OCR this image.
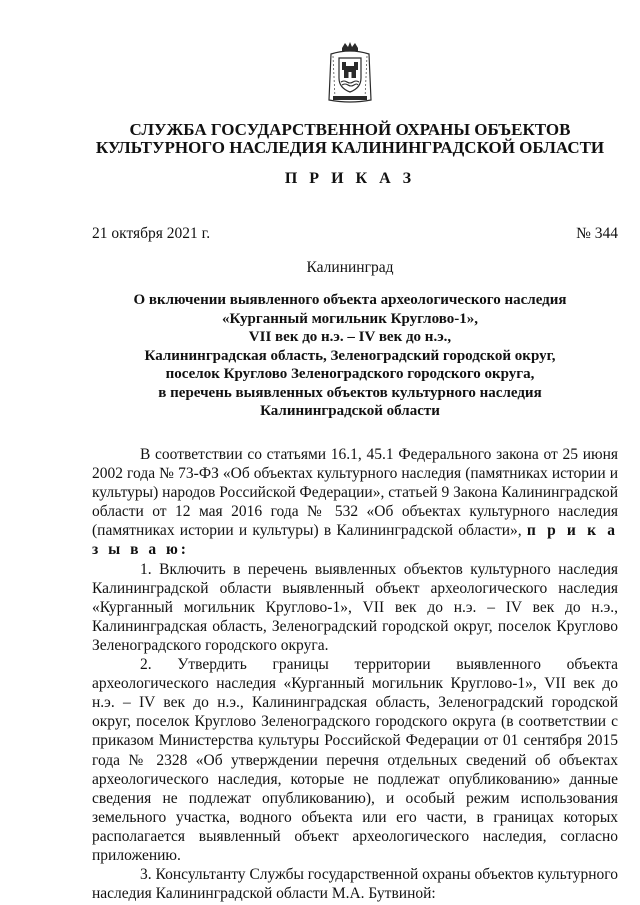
СЛУЖБА ГОСУДАРСТВЕННОЙ ОХРАНЫ ОБЪЕКТОВ
КУЛЬТУРНОГО НАСЛЕДИЯ КАЛИНИНГРАДСКОЙ ОБЛАСТИ
П Р И К А З
21 октября 2021 г.	№ 344
Калининград
О включении выявленного объекта археологического наследия
«Курганный могильник Круглово-1»,
VII век до н.э. – IV век до н.э.,
Калининградская область, Зеленоградский городской округ,
поселок Круглово Зеленоградского городского округа,
в перечень выявленных объектов культурного наследия
Калининградской области

В соответствии со статьями 16.1, 45.1 Федерального закона от 25 июня 2002 года № 73-ФЗ «Об объектах культурного наследия (памятниках истории и культуры) народов Российской Федерации», статьей 9 Закона Калининградской области от 12 мая 2016 года № 532 «Об объектах культурного наследия (памятниках истории и культуры) в Калининградской области», п р и к а з ы в а ю:

1. Включить в перечень выявленных объектов культурного наследия Калининградской области выявленный объект археологического наследия «Курганный могильник Круглово-1», VII век до н.э. – IV век до н.э., Калининградская область, Зеленоградский городской округ, поселок Круглово Зеленоградского городского округа.

2. Утвердить границы территории выявленного объекта археологического наследия «Курганный могильник Круглово-1», VII век до н.э. – IV век до н.э., Калининградская область, Зеленоградский городской округ, поселок Круглово Зеленоградского городского округа (в соответствии с приказом Министерства культуры Российской Федерации от 01 сентября 2015 года № 2328 «Об утверждении перечня отдельных сведений об объектах археологического наследия, которые не подлежат опубликованию» данные сведения не подлежат опубликованию), и особый режим использования земельного участка, водного объекта или его части, в границах которых располагается выявленный объект археологического наследия, согласно приложению.

3. Консультанту Службы государственной охраны объектов культурного наследия Калининградской области М.А. Бутвиной:
